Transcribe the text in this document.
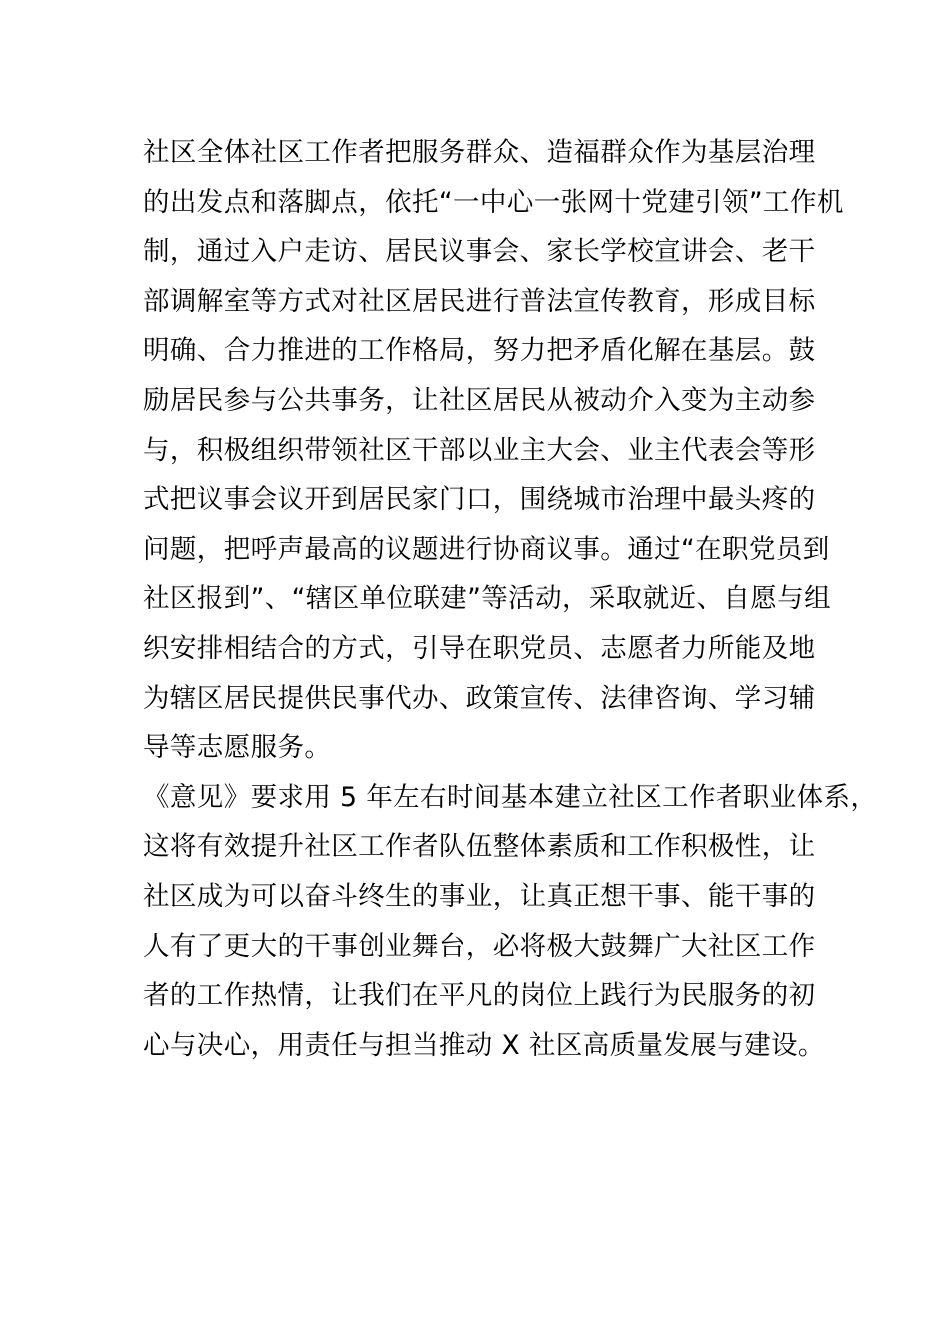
社区全体社区工作者把服务群众、造福群众作为基层治理
的出发点和落脚点，依托“一中心一张网十党建引领”工作机
制，通过入户走访、居民议事会、家长学校宣讲会、老干
部调解室等方式对社区居民进行普法宣传教育，形成目标
明确、合力推进的工作格局，努力把矛盾化解在基层。鼓
励居民参与公共事务，让社区居民从被动介入变为主动参
与，积极组织带领社区干部以业主大会、业主代表会等形
式把议事会议开到居民家门口，围绕城市治理中最头疼的
问题，把呼声最高的议题进行协商议事。通过“在职党员到
社区报到”、“辖区单位联建”等活动，采取就近、自愿与组
织安排相结合的方式，引导在职党员、志愿者力所能及地
为辖区居民提供民事代办、政策宣传、法律咨询、学习辅
导等志愿服务。
《意见》要求用 5 年左右时间基本建立社区工作者职业体系，
这将有效提升社区工作者队伍整体素质和工作积极性，让
社区成为可以奋斗终生的事业，让真正想干事、能干事的
人有了更大的干事创业舞台，必将极大鼓舞广大社区工作
者的工作热情，让我们在平凡的岗位上践行为民服务的初
心与决心，用责任与担当推动 X 社区高质量发展与建设。
